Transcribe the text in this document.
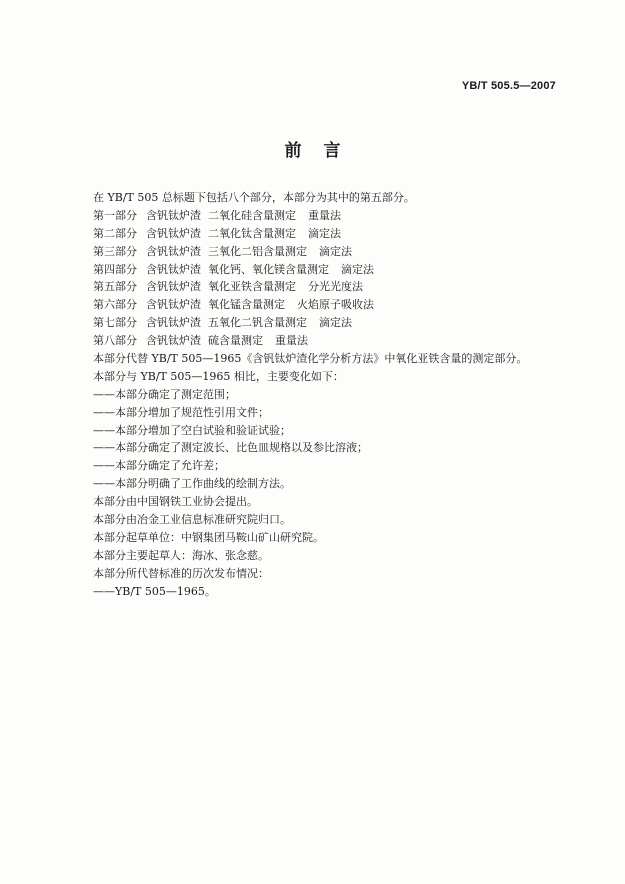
YB/T 505.5—2007
前言
在 YB/T 505 总标题下包括八个部分，本部分为其中的第五部分。
第一部分 含钒钛炉渣 二氧化硅含量测定 重量法
第二部分 含钒钛炉渣 二氧化钛含量测定 滴定法
第三部分 含钒钛炉渣 三氧化二铝含量测定 滴定法
第四部分 含钒钛炉渣 氧化钙、氧化镁含量测定 滴定法
第五部分 含钒钛炉渣 氧化亚铁含量测定 分光光度法
第六部分 含钒钛炉渣 氧化锰含量测定 火焰原子吸收法
第七部分 含钒钛炉渣 五氧化二钒含量测定 滴定法
第八部分 含钒钛炉渣 硫含量测定 重量法
本部分代替 YB/T 505—1965《含钒钛炉渣化学分析方法》中氧化亚铁含量的测定部分。
本部分与 YB/T 505—1965 相比，主要变化如下：
——本部分确定了测定范围；
——本部分增加了规范性引用文件；
——本部分增加了空白试验和验证试验；
——本部分确定了测定波长、比色皿规格以及参比溶液；
——本部分确定了允许差；
——本部分明确了工作曲线的绘制方法。
本部分由中国钢铁工业协会提出。
本部分由冶金工业信息标准研究院归口。
本部分起草单位：中钢集团马鞍山矿山研究院。
本部分主要起草人：海冰、张念慈。
本部分所代替标准的历次发布情况：
——YB/T 505—1965。
